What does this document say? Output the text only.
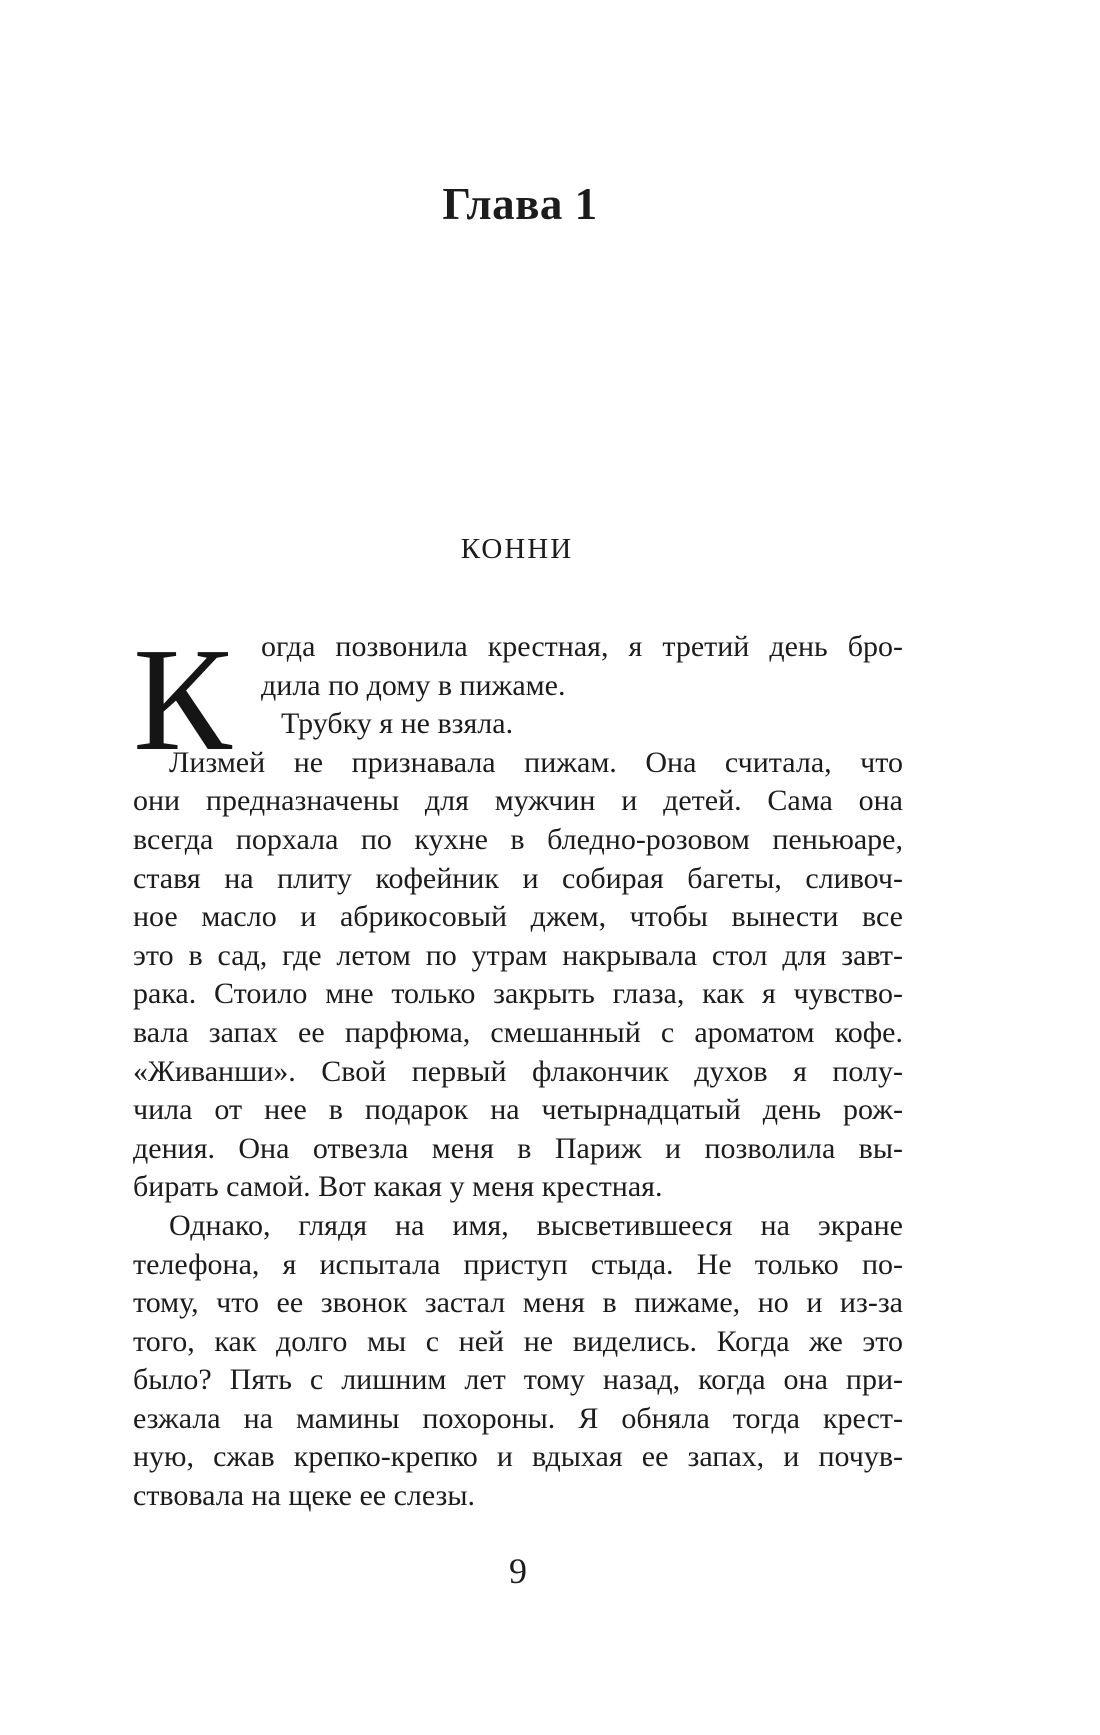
Глава 1
КОННИ
К огда позвонила крестная, я третий день бро-
дила по дому в пижаме.
Трубку я не взяла.
Лизмей не признавала пижам. Она считала, что
они предназначены для мужчин и детей. Сама она
всегда порхала по кухне в бледно-розовом пеньюаре,
ставя на плиту кофейник и собирая багеты, сливоч-
ное масло и абрикосовый джем, чтобы вынести все
это в сад, где летом по утрам накрывала стол для завт-
рака. Стоило мне только закрыть глаза, как я чувство-
вала запах ее парфюма, смешанный с ароматом кофе.
«Живанши». Свой первый флакончик духов я полу-
чила от нее в подарок на четырнадцатый день рож-
дения. Она отвезла меня в Париж и позволила вы-
бирать самой. Вот какая у меня крестная.
Однако, глядя на имя, высветившееся на экране
телефона, я испытала приступ стыда. Не только по-
тому, что ее звонок застал меня в пижаме, но и из-за
того, как долго мы с ней не виделись. Когда же это
было? Пять с лишним лет тому назад, когда она при-
езжала на мамины похороны. Я обняла тогда крест-
ную, сжав крепко-крепко и вдыхая ее запах, и почув-
ствовала на щеке ее слезы.
9
